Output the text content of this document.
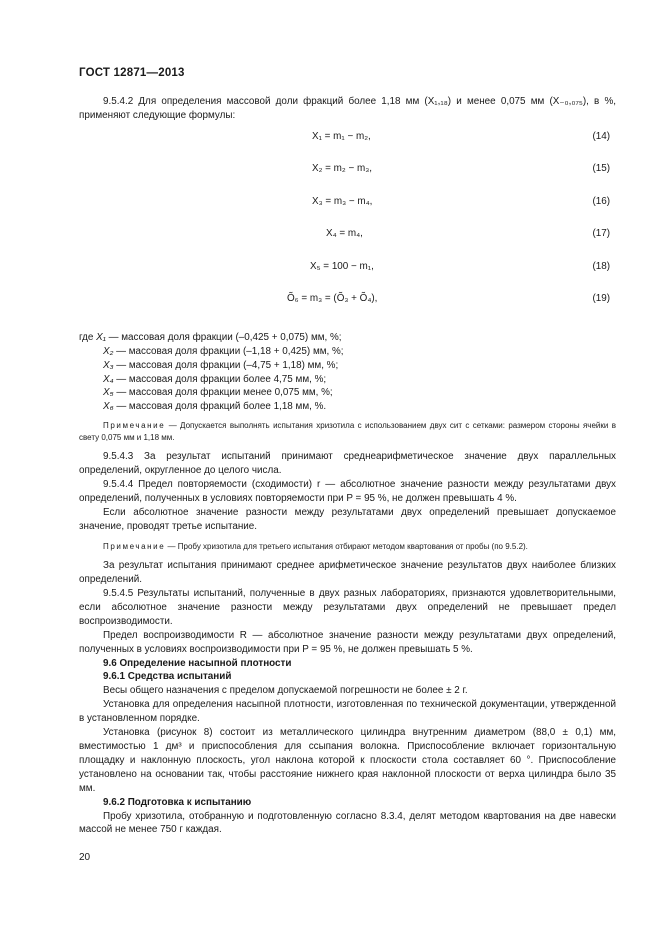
ГОСТ 12871—2013

9.5.4.2 Для определения массовой доли фракций более 1,18 мм (X₁,₁₈) и менее 0,075 мм (X₋₀,₀₇₅), в %, применяют следующие формулы:

X₁ = m₁ − m₂,	(14)
X₂ = m₂ − m₃,	(15)
X₃ = m₃ − m₄,	(16)
X₄ = m₄,	(17)
X₅ = 100 − m₁,	(18)
Õ₆ = m₃ = (Õ₃ + Õ₄),	(19)
где X₁ — массовая доля фракции (–0,425 + 0,075) мм, %;
X₂ — массовая доля фракции (–1,18 + 0,425) мм, %;
X₃ — массовая доля фракции (–4,75 + 1,18) мм, %;
X₄ — массовая доля фракции более 4,75 мм, %;
X₅ — массовая доля фракции менее 0,075 мм, %;
X₆ — массовая доля фракций более 1,18 мм, %.

Примечание — Допускается выполнять испытания хризотила с использованием двух сит с сетками: размером стороны ячейки в свету 0,075 мм и 1,18 мм.

9.5.4.3 За результат испытаний принимают среднеарифметическое значение двух параллельных определений, округленное до целого числа.

9.5.4.4 Предел повторяемости (сходимости) r — абсолютное значение разности между результатами двух определений, полученных в условиях повторяемости при P = 95 %, не должен превышать 4 %.

Если абсолютное значение разности между результатами двух определений превышает допускаемое значение, проводят третье испытание.

Примечание — Пробу хризотила для третьего испытания отбирают методом квартования от пробы (по 9.5.2).

За результат испытания принимают среднее арифметическое значение результатов двух наиболее близких определений.

9.5.4.5 Результаты испытаний, полученные в двух разных лабораториях, признаются удовлетворительными, если абсолютное значение разности между результатами двух определений не превышает предел воспроизводимости.

Предел воспроизводимости R — абсолютное значение разности между результатами двух определений, полученных в условиях воспроизводимости при P = 95 %, не должен превышать 5 %.

9.6 Определение насыпной плотности

9.6.1 Средства испытаний

Весы общего назначения с пределом допускаемой погрешности не более ± 2 г.

Установка для определения насыпной плотности, изготовленная по технической документации, утвержденной в установленном порядке.

Установка (рисунок 8) состоит из металлического цилиндра внутренним диаметром (88,0 ± 0,1) мм, вместимостью 1 дм³ и приспособления для ссыпания волокна. Приспособление включает горизонтальную площадку и наклонную плоскость, угол наклона которой к плоскости стола составляет 60 °. Приспособление установлено на основании так, чтобы расстояние нижнего края наклонной плоскости от верха цилиндра было 35 мм.

9.6.2 Подготовка к испытанию

Пробу хризотила, отобранную и подготовленную согласно 8.3.4, делят методом квартования на две навески массой не менее 750 г каждая.

20
